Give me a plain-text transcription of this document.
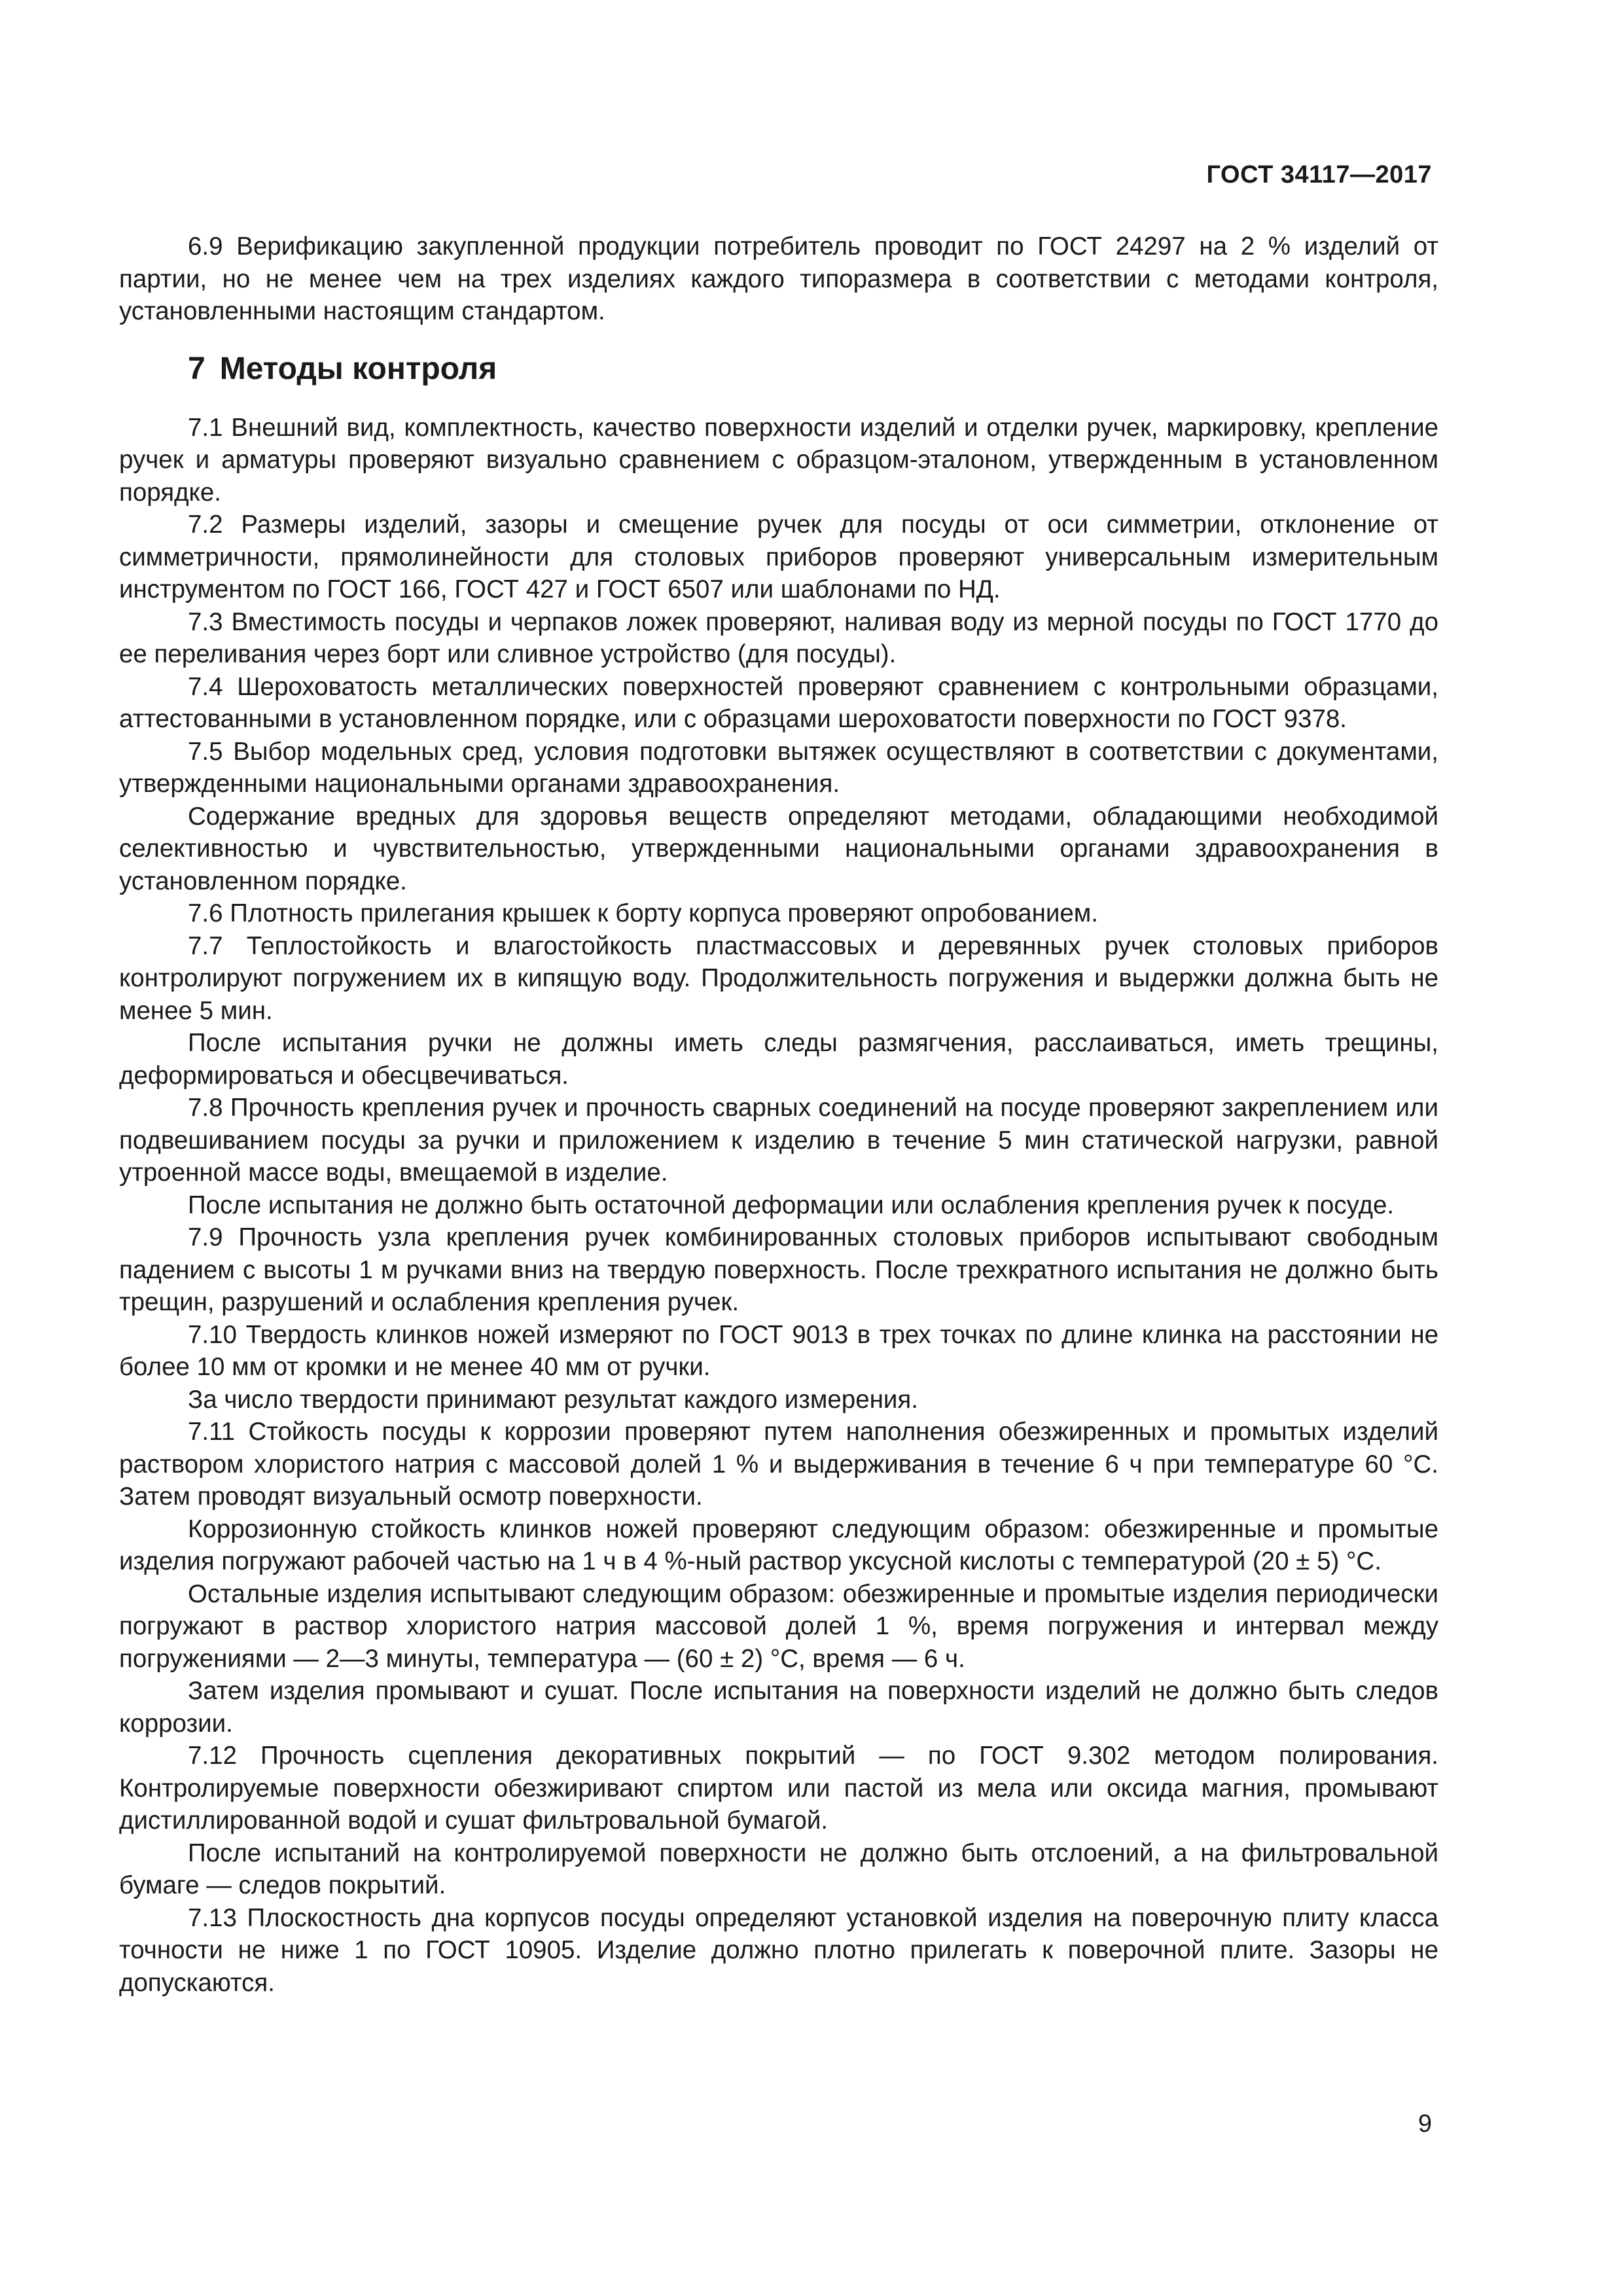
ГОСТ 34117—2017

6.9 Верификацию закупленной продукции потребитель проводит по ГОСТ 24297 на 2 % изделий от партии, но не менее чем на трех изделиях каждого типоразмера в соответствии с методами контроля, установленными настоящим стандартом.

7 Методы контроля

7.1 Внешний вид, комплектность, качество поверхности изделий и отделки ручек, маркировку, крепление ручек и арматуры проверяют визуально сравнением с образцом-эталоном, утвержденным в установленном порядке.

7.2 Размеры изделий, зазоры и смещение ручек для посуды от оси симметрии, отклонение от симметричности, прямолинейности для столовых приборов проверяют универсальным измерительным инструментом по ГОСТ 166, ГОСТ 427 и ГОСТ 6507 или шаблонами по НД.

7.3 Вместимость посуды и черпаков ложек проверяют, наливая воду из мерной посуды по ГОСТ 1770 до ее переливания через борт или сливное устройство (для посуды).

7.4 Шероховатость металлических поверхностей проверяют сравнением с контрольными образцами, аттестованными в установленном порядке, или с образцами шероховатости поверхности по ГОСТ 9378.

7.5 Выбор модельных сред, условия подготовки вытяжек осуществляют в соответствии с документами, утвержденными национальными органами здравоохранения.

Содержание вредных для здоровья веществ определяют методами, обладающими необходимой селективностью и чувствительностью, утвержденными национальными органами здравоохранения в установленном порядке.

7.6 Плотность прилегания крышек к борту корпуса проверяют опробованием.

7.7 Теплостойкость и влагостойкость пластмассовых и деревянных ручек столовых приборов контролируют погружением их в кипящую воду. Продолжительность погружения и выдержки должна быть не менее 5 мин.

После испытания ручки не должны иметь следы размягчения, расслаиваться, иметь трещины, деформироваться и обесцвечиваться.

7.8 Прочность крепления ручек и прочность сварных соединений на посуде проверяют закреплением или подвешиванием посуды за ручки и приложением к изделию в течение 5 мин статической нагрузки, равной утроенной массе воды, вмещаемой в изделие.

После испытания не должно быть остаточной деформации или ослабления крепления ручек к посуде.

7.9 Прочность узла крепления ручек комбинированных столовых приборов испытывают свободным падением с высоты 1 м ручками вниз на твердую поверхность. После трехкратного испытания не должно быть трещин, разрушений и ослабления крепления ручек.

7.10 Твердость клинков ножей измеряют по ГОСТ 9013 в трех точках по длине клинка на расстоянии не более 10 мм от кромки и не менее 40 мм от ручки.

За число твердости принимают результат каждого измерения.

7.11 Стойкость посуды к коррозии проверяют путем наполнения обезжиренных и промытых изделий раствором хлористого натрия с массовой долей 1 % и выдерживания в течение 6 ч при температуре 60 °С. Затем проводят визуальный осмотр поверхности.

Коррозионную стойкость клинков ножей проверяют следующим образом: обезжиренные и промытые изделия погружают рабочей частью на 1 ч в 4 %-ный раствор уксусной кислоты с температурой (20 ± 5) °С.

Остальные изделия испытывают следующим образом: обезжиренные и промытые изделия периодически погружают в раствор хлористого натрия массовой долей 1 %, время погружения и интервал между погружениями — 2—3 минуты, температура — (60 ± 2) °С, время — 6 ч.

Затем изделия промывают и сушат. После испытания на поверхности изделий не должно быть следов коррозии.

7.12 Прочность сцепления декоративных покрытий — по ГОСТ 9.302 методом полирования. Контролируемые поверхности обезжиривают спиртом или пастой из мела или оксида магния, промывают дистиллированной водой и сушат фильтровальной бумагой.

После испытаний на контролируемой поверхности не должно быть отслоений, а на фильтровальной бумаге — следов покрытий.

7.13 Плоскостность дна корпусов посуды определяют установкой изделия на поверочную плиту класса точности не ниже 1 по ГОСТ 10905. Изделие должно плотно прилегать к поверочной плите. Зазоры не допускаются.

9
